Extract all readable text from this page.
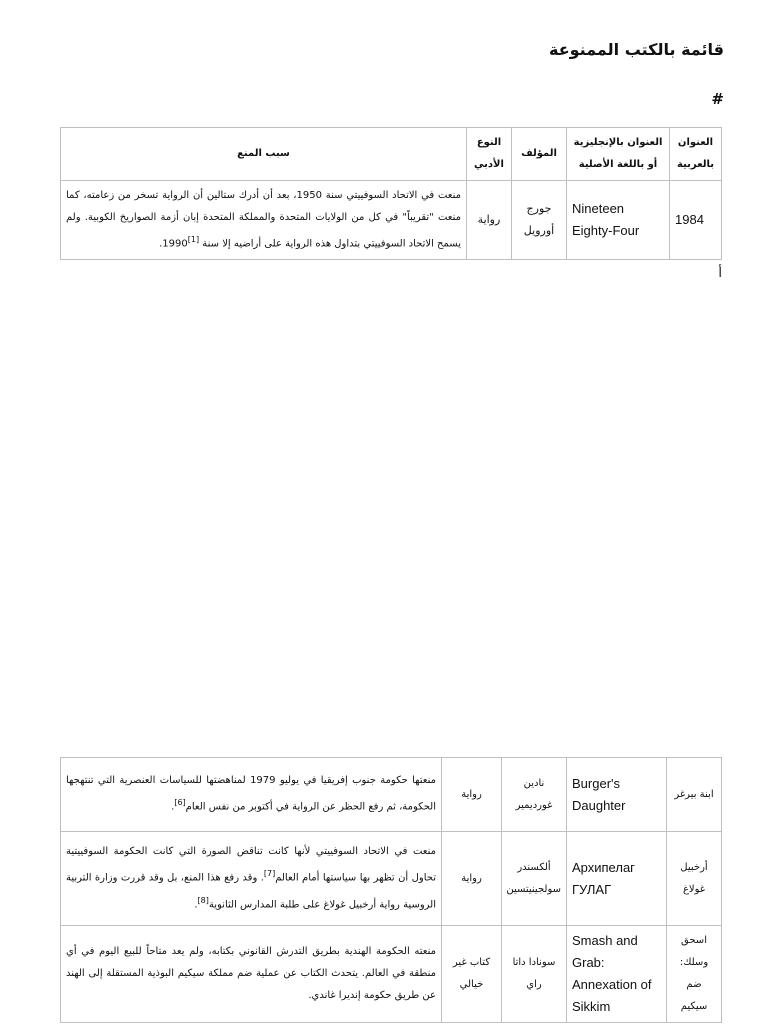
قائمة بالكتب الممنوعة
#
العنوان بالعربية	العنوان بالإنجليزية أو باللغة الأصلية	المؤلف	النوع الأدبي	سبب المنع
1984	Nineteen Eighty-Four	جورج أورويل	رواية	منعت في الاتحاد السوفييتي سنة 1950، بعد أن أدرك ستالين أن الرواية تسخر من زعامته، كما منعت "تقريباً" في كل من الولايات المتحدة والمملكة المتحدة إبان أزمة الصواريخ الكوبية. ولم يسمح الاتحاد السوفييتي بتداول هذه الرواية على أراضيه إلا سنة [1]1990.

أ

ابنة بيرغر	Burger's Daughter	نادين غورديمير	رواية	منعتها حكومة جنوب إفريقيا في يوليو 1979 لمناهضتها للسياسات العنصرية التي تنتهجها الحكومة، ثم رفع الحظر عن الرواية في أكتوبر من نفس العام[6].
أرخبيل غولاغ	Архипелаг ГУЛАГ	ألكسندر سولجينيتسين	رواية	منعت في الاتحاد السوفييتي لأنها كانت تناقض الصورة التي كانت الحكومة السوفييتية تحاول أن تظهر بها سياستها أمام العالم[7]. وقد رفع هذا المنع، بل وقد قررت وزارة التربية الروسية رواية أرخبيل غولاغ على طلبة المدارس الثانوية[8].
اسحق وسلك: ضم سيكيم	Smash and Grab: Annexation of Sikkim	سونادا داتا راي	كتاب غير خيالي	منعته الحكومة الهندية بطريق التدرش القانوني بكتابه، ولم يعد متاحاً للبيع اليوم في أي منطقة في العالم. يتحدث الكتاب عن عملية ضم مملكة سيكيم البوذية المستقلة إلى الهند عن طريق حكومة إنديرا غاندي.
